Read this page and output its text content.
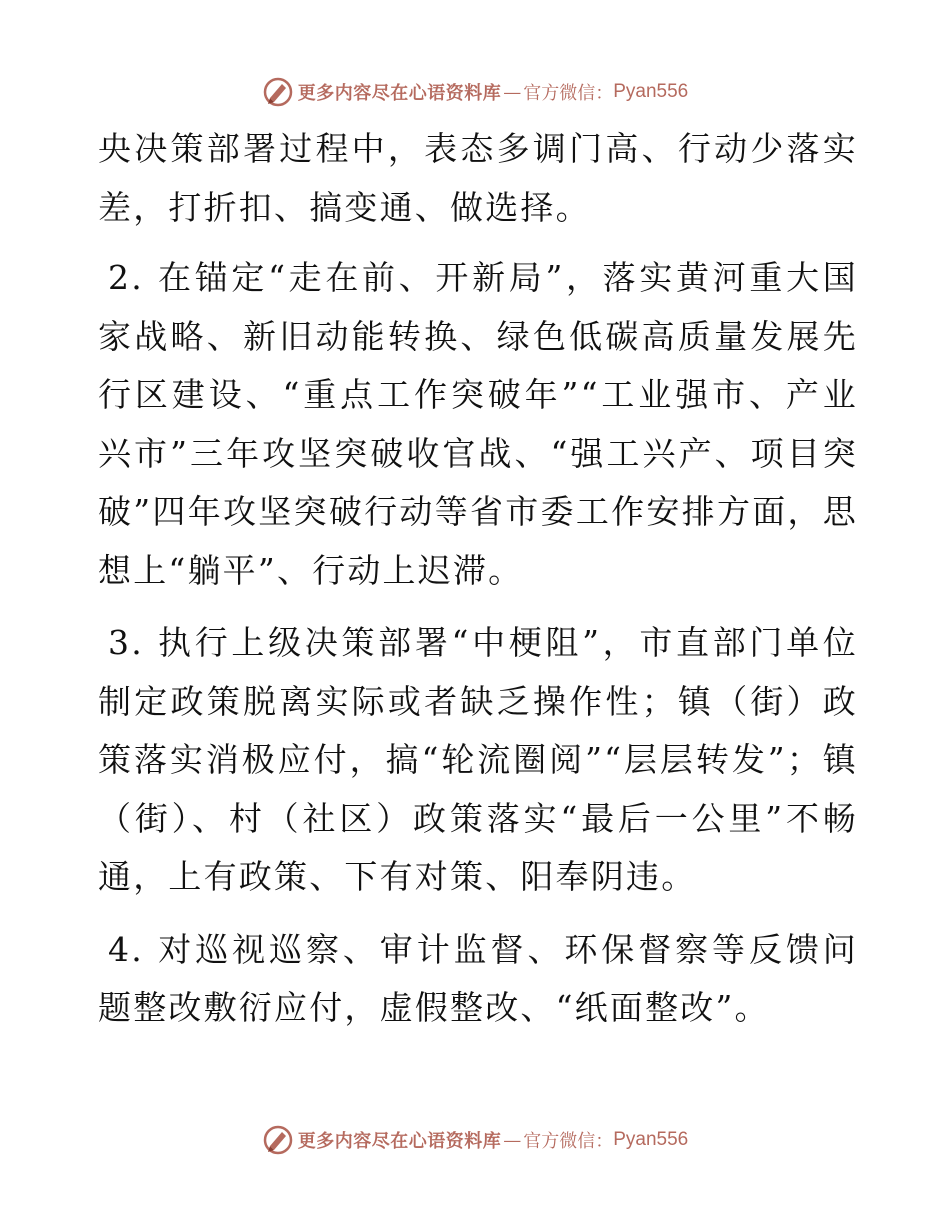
更多内容尽在心语资料库 — 官方微信： Pyan556

央决策部署过程中，表态多调门高、行动少落实差，打折扣、搞变通、做选择。

2. 在锚定“走在前、开新局”，落实黄河重大国家战略、新旧动能转换、绿色低碳高质量发展先行区建设、“重点工作突破年”“工业强市、产业兴市”三年攻坚突破收官战、“强工兴产、项目突破”四年攻坚突破行动等省市委工作安排方面，思想上“躺平”、行动上迟滞。

3. 执行上级决策部署“中梗阻”，市直部门单位制定政策脱离实际或者缺乏操作性；镇（街）政策落实消极应付，搞“轮流圈阅”“层层转发”；镇（街）、村（社区）政策落实“最后一公里”不畅通，上有政策、下有对策、阳奉阴违。

4. 对巡视巡察、审计监督、环保督察等反馈问题整改敷衍应付，虚假整改、“纸面整改”。

更多内容尽在心语资料库 — 官方微信： Pyan556
